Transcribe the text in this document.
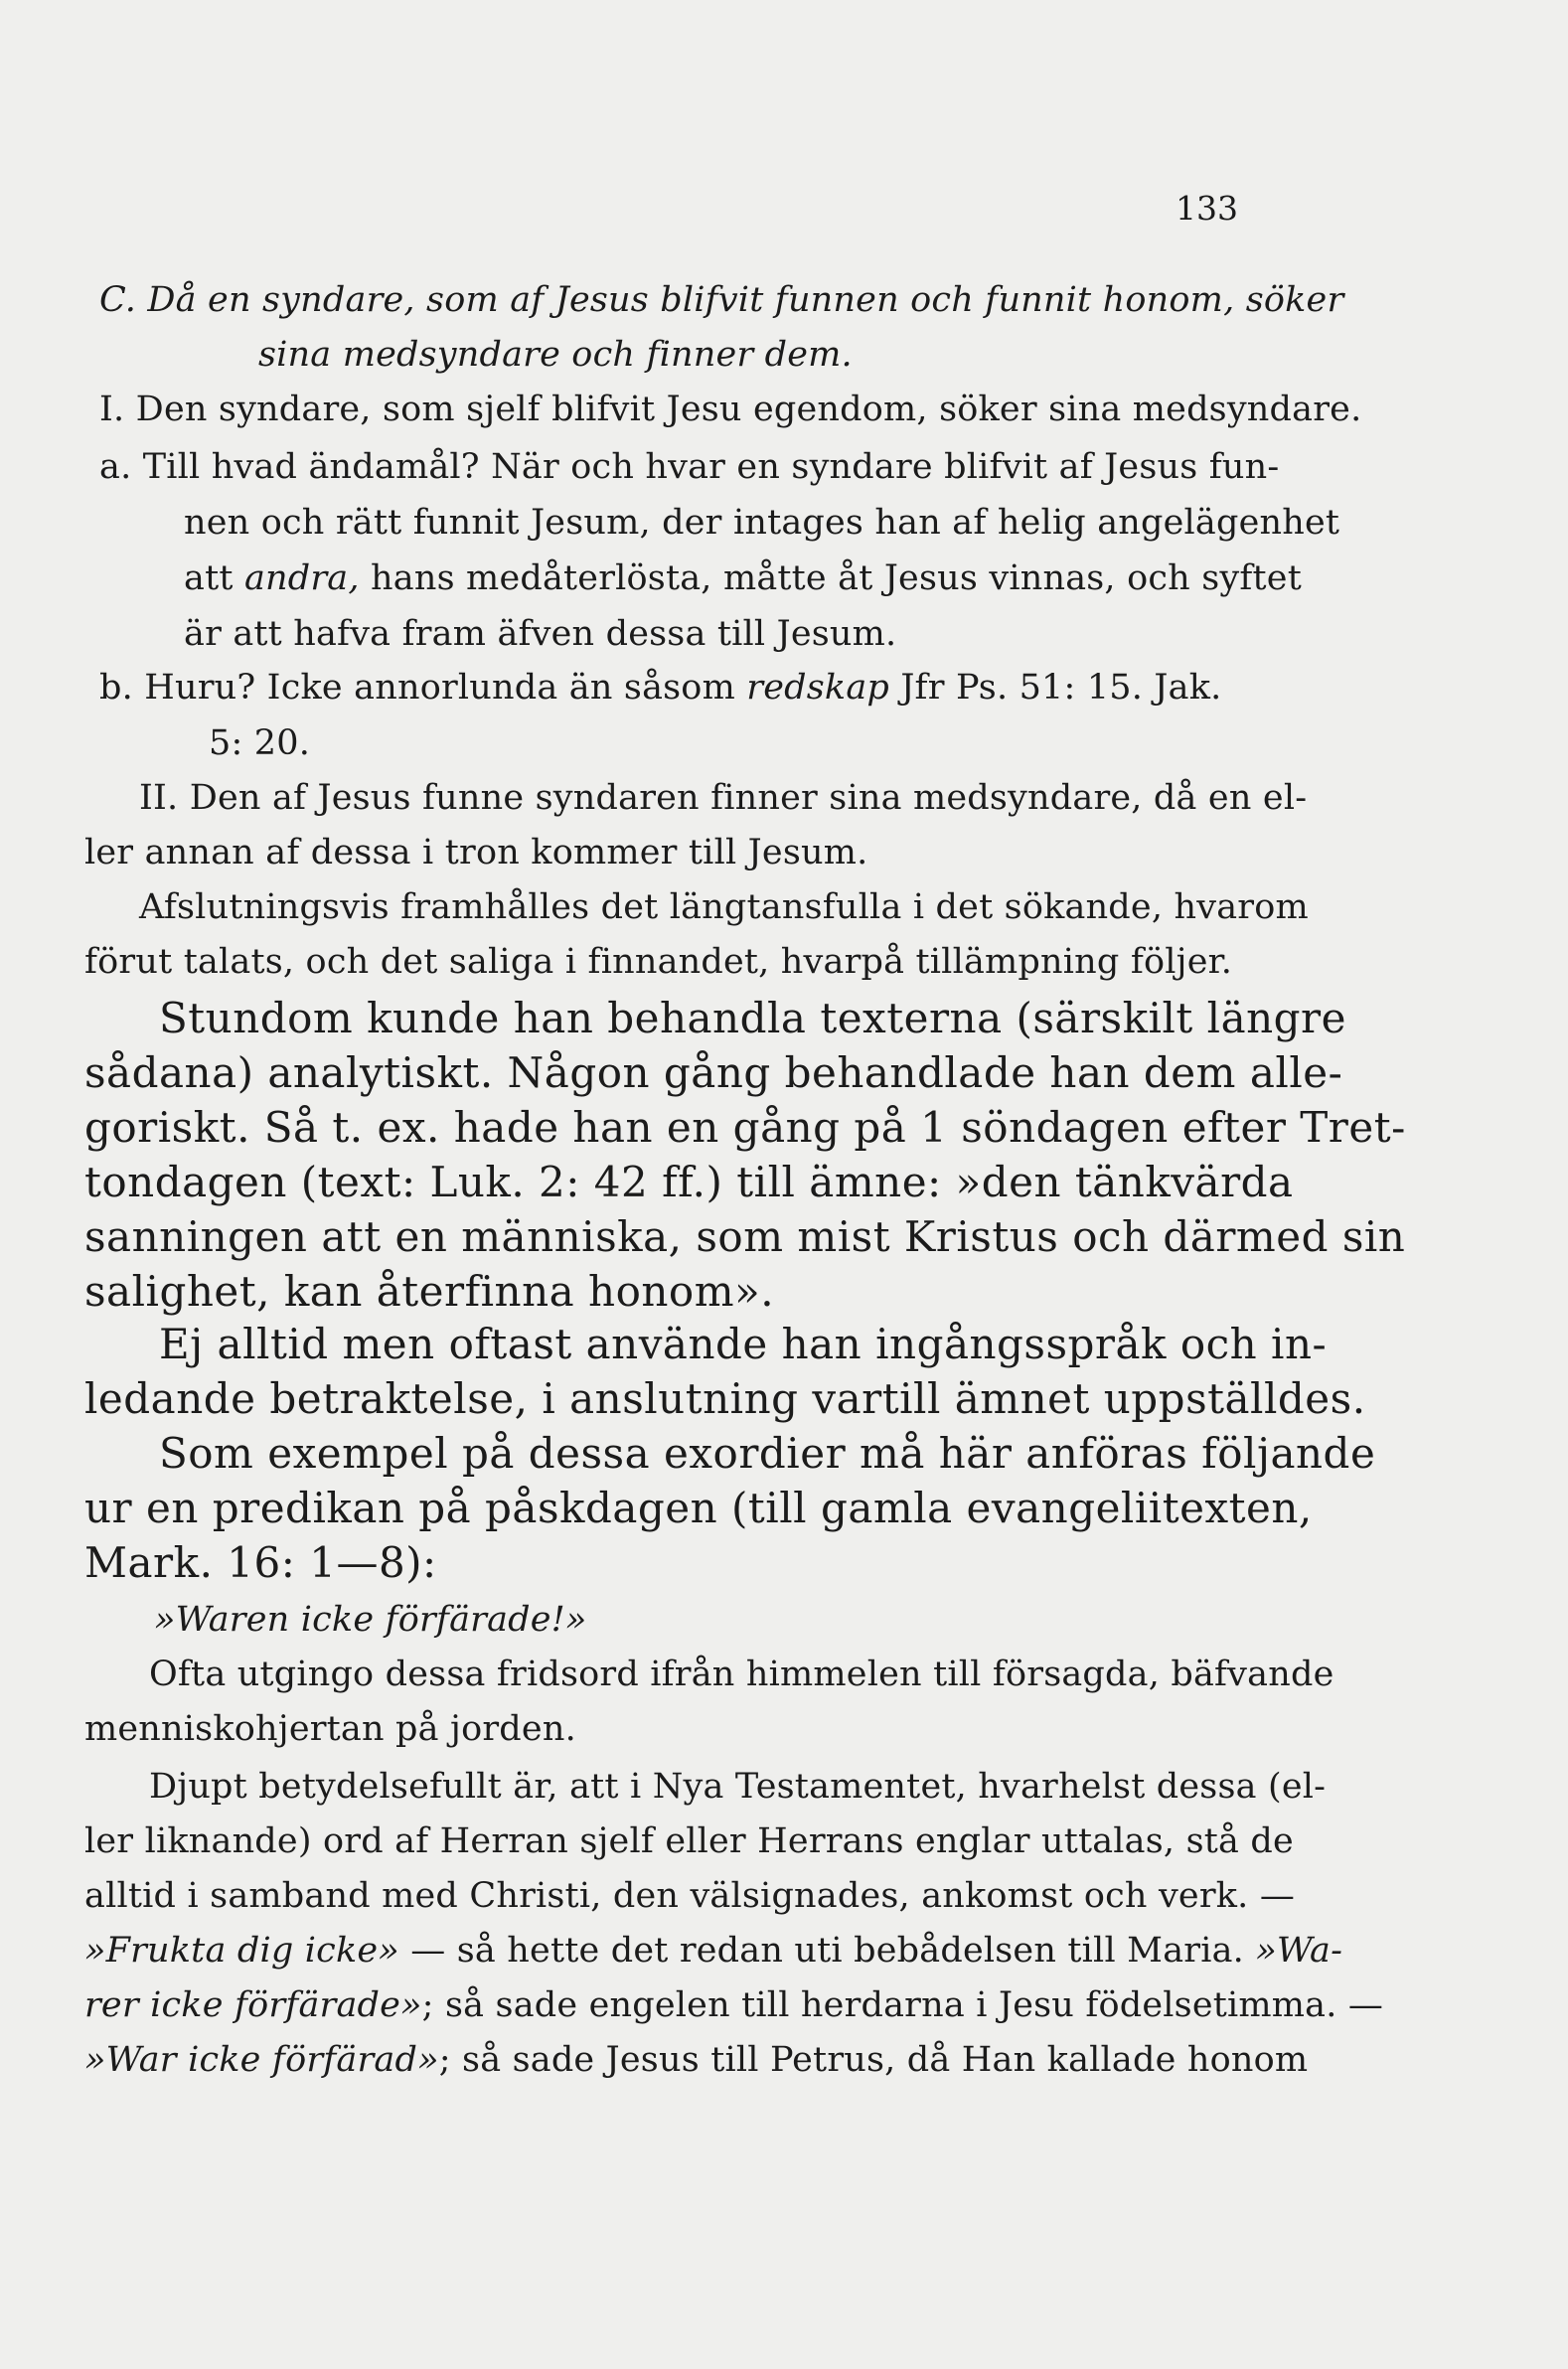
133
C. Då en syndare, som af Jesus blifvit funnen och funnit honom, söker
sina medsyndare och finner dem.
I. Den syndare, som sjelf blifvit Jesu egendom, söker sina medsyndare.
a. Till hvad ändamål? När och hvar en syndare blifvit af Jesus fun-
nen och rätt funnit Jesum, der intages han af helig angelägenhet
att andra, hans medåterlösta, måtte åt Jesus vinnas, och syftet
är att hafva fram äfven dessa till Jesum.
b. Huru? Icke annorlunda än såsom redskap Jfr Ps. 51: 15. Jak.
5: 20.
II. Den af Jesus funne syndaren finner sina medsyndare, då en el-
ler annan af dessa i tron kommer till Jesum.
Afslutningsvis framhålles det längtansfulla i det sökande, hvarom
förut talats, och det saliga i finnandet, hvarpå tillämpning följer.
Stundom kunde han behandla texterna (särskilt längre
sådana) analytiskt. Någon gång behandlade han dem alle-
goriskt. Så t. ex. hade han en gång på 1 söndagen efter Tret-
tondagen (text: Luk. 2: 42 ff.) till ämne: »den tänkvärda
sanningen att en människa, som mist Kristus och därmed sin
salighet, kan återfinna honom».
Ej alltid men oftast använde han ingångsspråk och in-
ledande betraktelse, i anslutning vartill ämnet uppställdes.
Som exempel på dessa exordier må här anföras följande
ur en predikan på påskdagen (till gamla evangeliitexten,
Mark. 16: 1—8):
»Waren icke förfärade!»
Ofta utgingo dessa fridsord ifrån himmelen till försagda, bäfvande
menniskohjertan på jorden.
Djupt betydelsefullt är, att i Nya Testamentet, hvarhelst dessa (el-
ler liknande) ord af Herran sjelf eller Herrans englar uttalas, stå de
alltid i samband med Christi, den välsignades, ankomst och verk. —
»Frukta dig icke» — så hette det redan uti bebådelsen till Maria. »Wa-
rer icke förfärade»; så sade engelen till herdarna i Jesu födelsetimma. —
»War icke förfärad»; så sade Jesus till Petrus, då Han kallade honom
